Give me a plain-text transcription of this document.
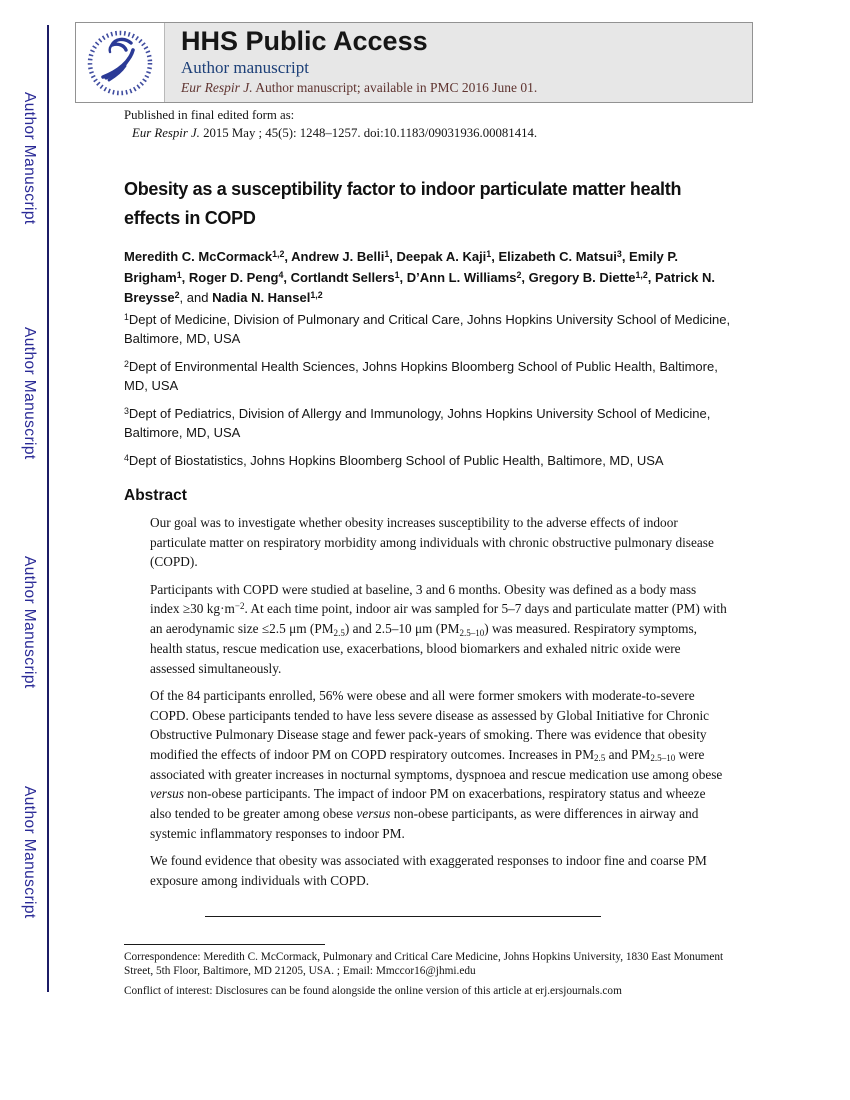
Author Manuscript
Author Manuscript
Author Manuscript
Author Manuscript
HHS Public Access
Author manuscript
Eur Respir J. Author manuscript; available in PMC 2016 June 01.
Published in final edited form as:
Eur Respir J. 2015 May ; 45(5): 1248–1257. doi:10.1183/09031936.00081414.
Obesity as a susceptibility factor to indoor particulate matter health effects in COPD
Meredith C. McCormack$^{1,2}$, Andrew J. Belli$^1$, Deepak A. Kaji$^1$, Elizabeth C. Matsui$^3$, Emily P. Brigham$^1$, Roger D. Peng$^4$, Cortlandt Sellers$^1$, D’Ann L. Williams$^2$, Gregory B. Diette$^{1,2}$, Patrick N. Breysse$^2$, and Nadia N. Hansel$^{1,2}$

$^1$Dept of Medicine, Division of Pulmonary and Critical Care, Johns Hopkins University School of Medicine, Baltimore, MD, USA

$^2$Dept of Environmental Health Sciences, Johns Hopkins Bloomberg School of Public Health, Baltimore, MD, USA

$^3$Dept of Pediatrics, Division of Allergy and Immunology, Johns Hopkins University School of Medicine, Baltimore, MD, USA

$^4$Dept of Biostatistics, Johns Hopkins Bloomberg School of Public Health, Baltimore, MD, USA

Abstract

Our goal was to investigate whether obesity increases susceptibility to the adverse effects of indoor particulate matter on respiratory morbidity among individuals with chronic obstructive pulmonary disease (COPD).

Participants with COPD were studied at baseline, 3 and 6 months. Obesity was defined as a body mass index ≥30 $kg\cdot m^{-2}$. At each time point, indoor air was sampled for 5–7 days and particulate matter (PM) with an aerodynamic size ≤2.5 μm $(PM_{2.5})$ and 2.5–10 μm $(PM_{2.5-10})$ was measured. Respiratory symptoms, health status, rescue medication use, exacerbations, blood biomarkers and exhaled nitric oxide were assessed simultaneously.

Of the 84 participants enrolled, 56% were obese and all were former smokers with moderate-to-severe COPD. Obese participants tended to have less severe disease as assessed by Global Initiative for Chronic Obstructive Pulmonary Disease stage and fewer pack-years of smoking. There was evidence that obesity modified the effects of indoor PM on COPD respiratory outcomes. Increases in $PM_{2.5}$ and $PM_{2.5-10}$ were associated with greater increases in nocturnal symptoms, dyspnoea and rescue medication use among obese versus non-obese participants. The impact of indoor PM on exacerbations, respiratory status and wheeze also tended to be greater among obese versus non-obese participants, as were differences in airway and systemic inflammatory responses to indoor PM.

We found evidence that obesity was associated with exaggerated responses to indoor fine and coarse PM exposure among individuals with COPD.

Correspondence: Meredith C. McCormack, Pulmonary and Critical Care Medicine, Johns Hopkins University, 1830 East Monument Street, 5th Floor, Baltimore, MD 21205, USA. ; Email: Mmccor16@jhmi.edu

Conflict of interest: Disclosures can be found alongside the online version of this article at erj.ersjournals.com
